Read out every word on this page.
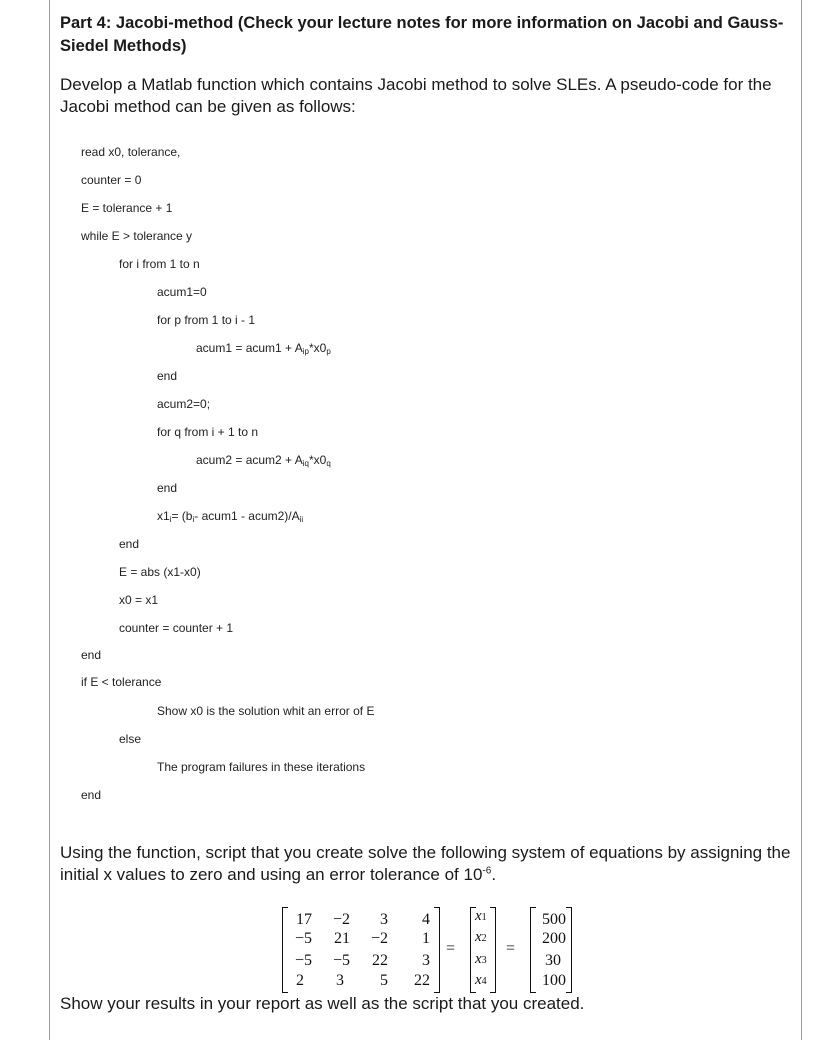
Part 4: Jacobi-method (Check your lecture notes for more information on Jacobi and Gauss-Siedel Methods)
Develop a Matlab function which contains Jacobi method to solve SLEs. A pseudo-code for the Jacobi method can be given as follows:
read x0, tolerance,
counter = 0
E = tolerance + 1
while E > tolerance y
for i from 1 to n
acum1=0
for p from 1 to i - 1
acum1 = acum1 + $A_{ip}*x0_p$
end
acum2=0;
for q from i + 1 to n
acum2 = acum2 + $A_{iq}*x0_q$
end
$x1_i= (b_i-$ acum1 - $acum2)/A_{ii}$
end
E = abs (x1-x0)
x0 = x1
counter = counter + 1
end
if E < tolerance
Show x0 is the solution whit an error of E
else
The program failures in these iterations
end
Using the function, script that you create solve the following system of equations by assigning the initial x values to zero and using an error tolerance of $10^{-6}$.
17	−2	3	4
−5	21	−2	1
−5	−5	22	3
2	3	5	22
=
x1
x2
x3
x4
=
500
200
30
100
Show your results in your report as well as the script that you created.
